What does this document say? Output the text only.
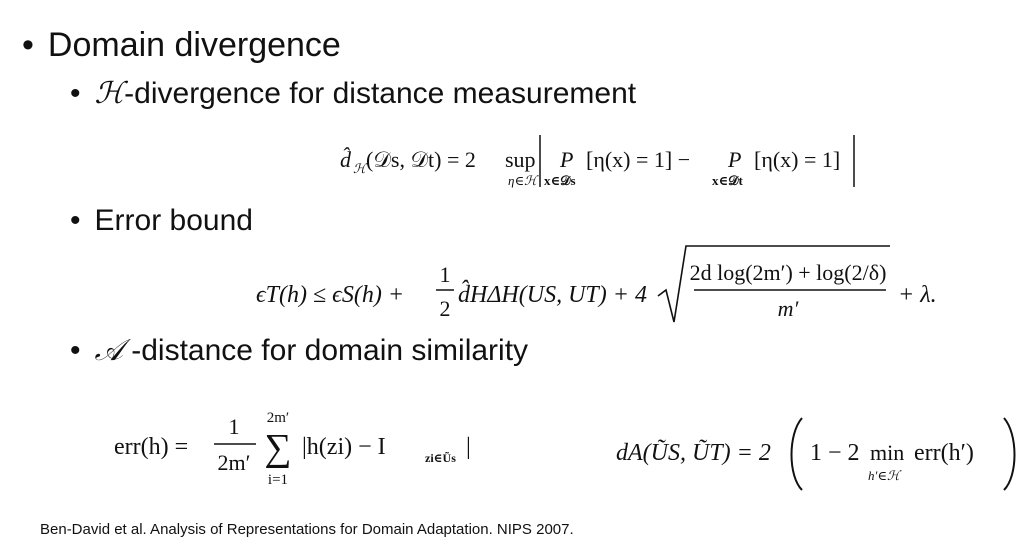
• Domain divergence
• ℋ-divergence for distance measurement
• Error bound
• 𝒜 -distance for domain similarity
d̂ ℋ (𝒟s, 𝒟t) = 2 sup
η∈ℋ
P
x∈𝒟s
[η(x) = 1] − P
x∈𝒟t
[η(x) = 1]
ϵT(h) ≤ ϵS(h) +
1
2
d̂HΔH(US, UT) + 4
2d log(2m′) + log(2/δ)
m′
+ λ.
err(h) =
1
2m′
2m′
∑
i=1
|h(zi) − I	zi∈Ũs |	dA(ŨS, ŨT) = 2 1 − 2 min
h′∈ℋ
err(h′)
Ben-David et al. Analysis of Representations for Domain Adaptation. NIPS 2007.
